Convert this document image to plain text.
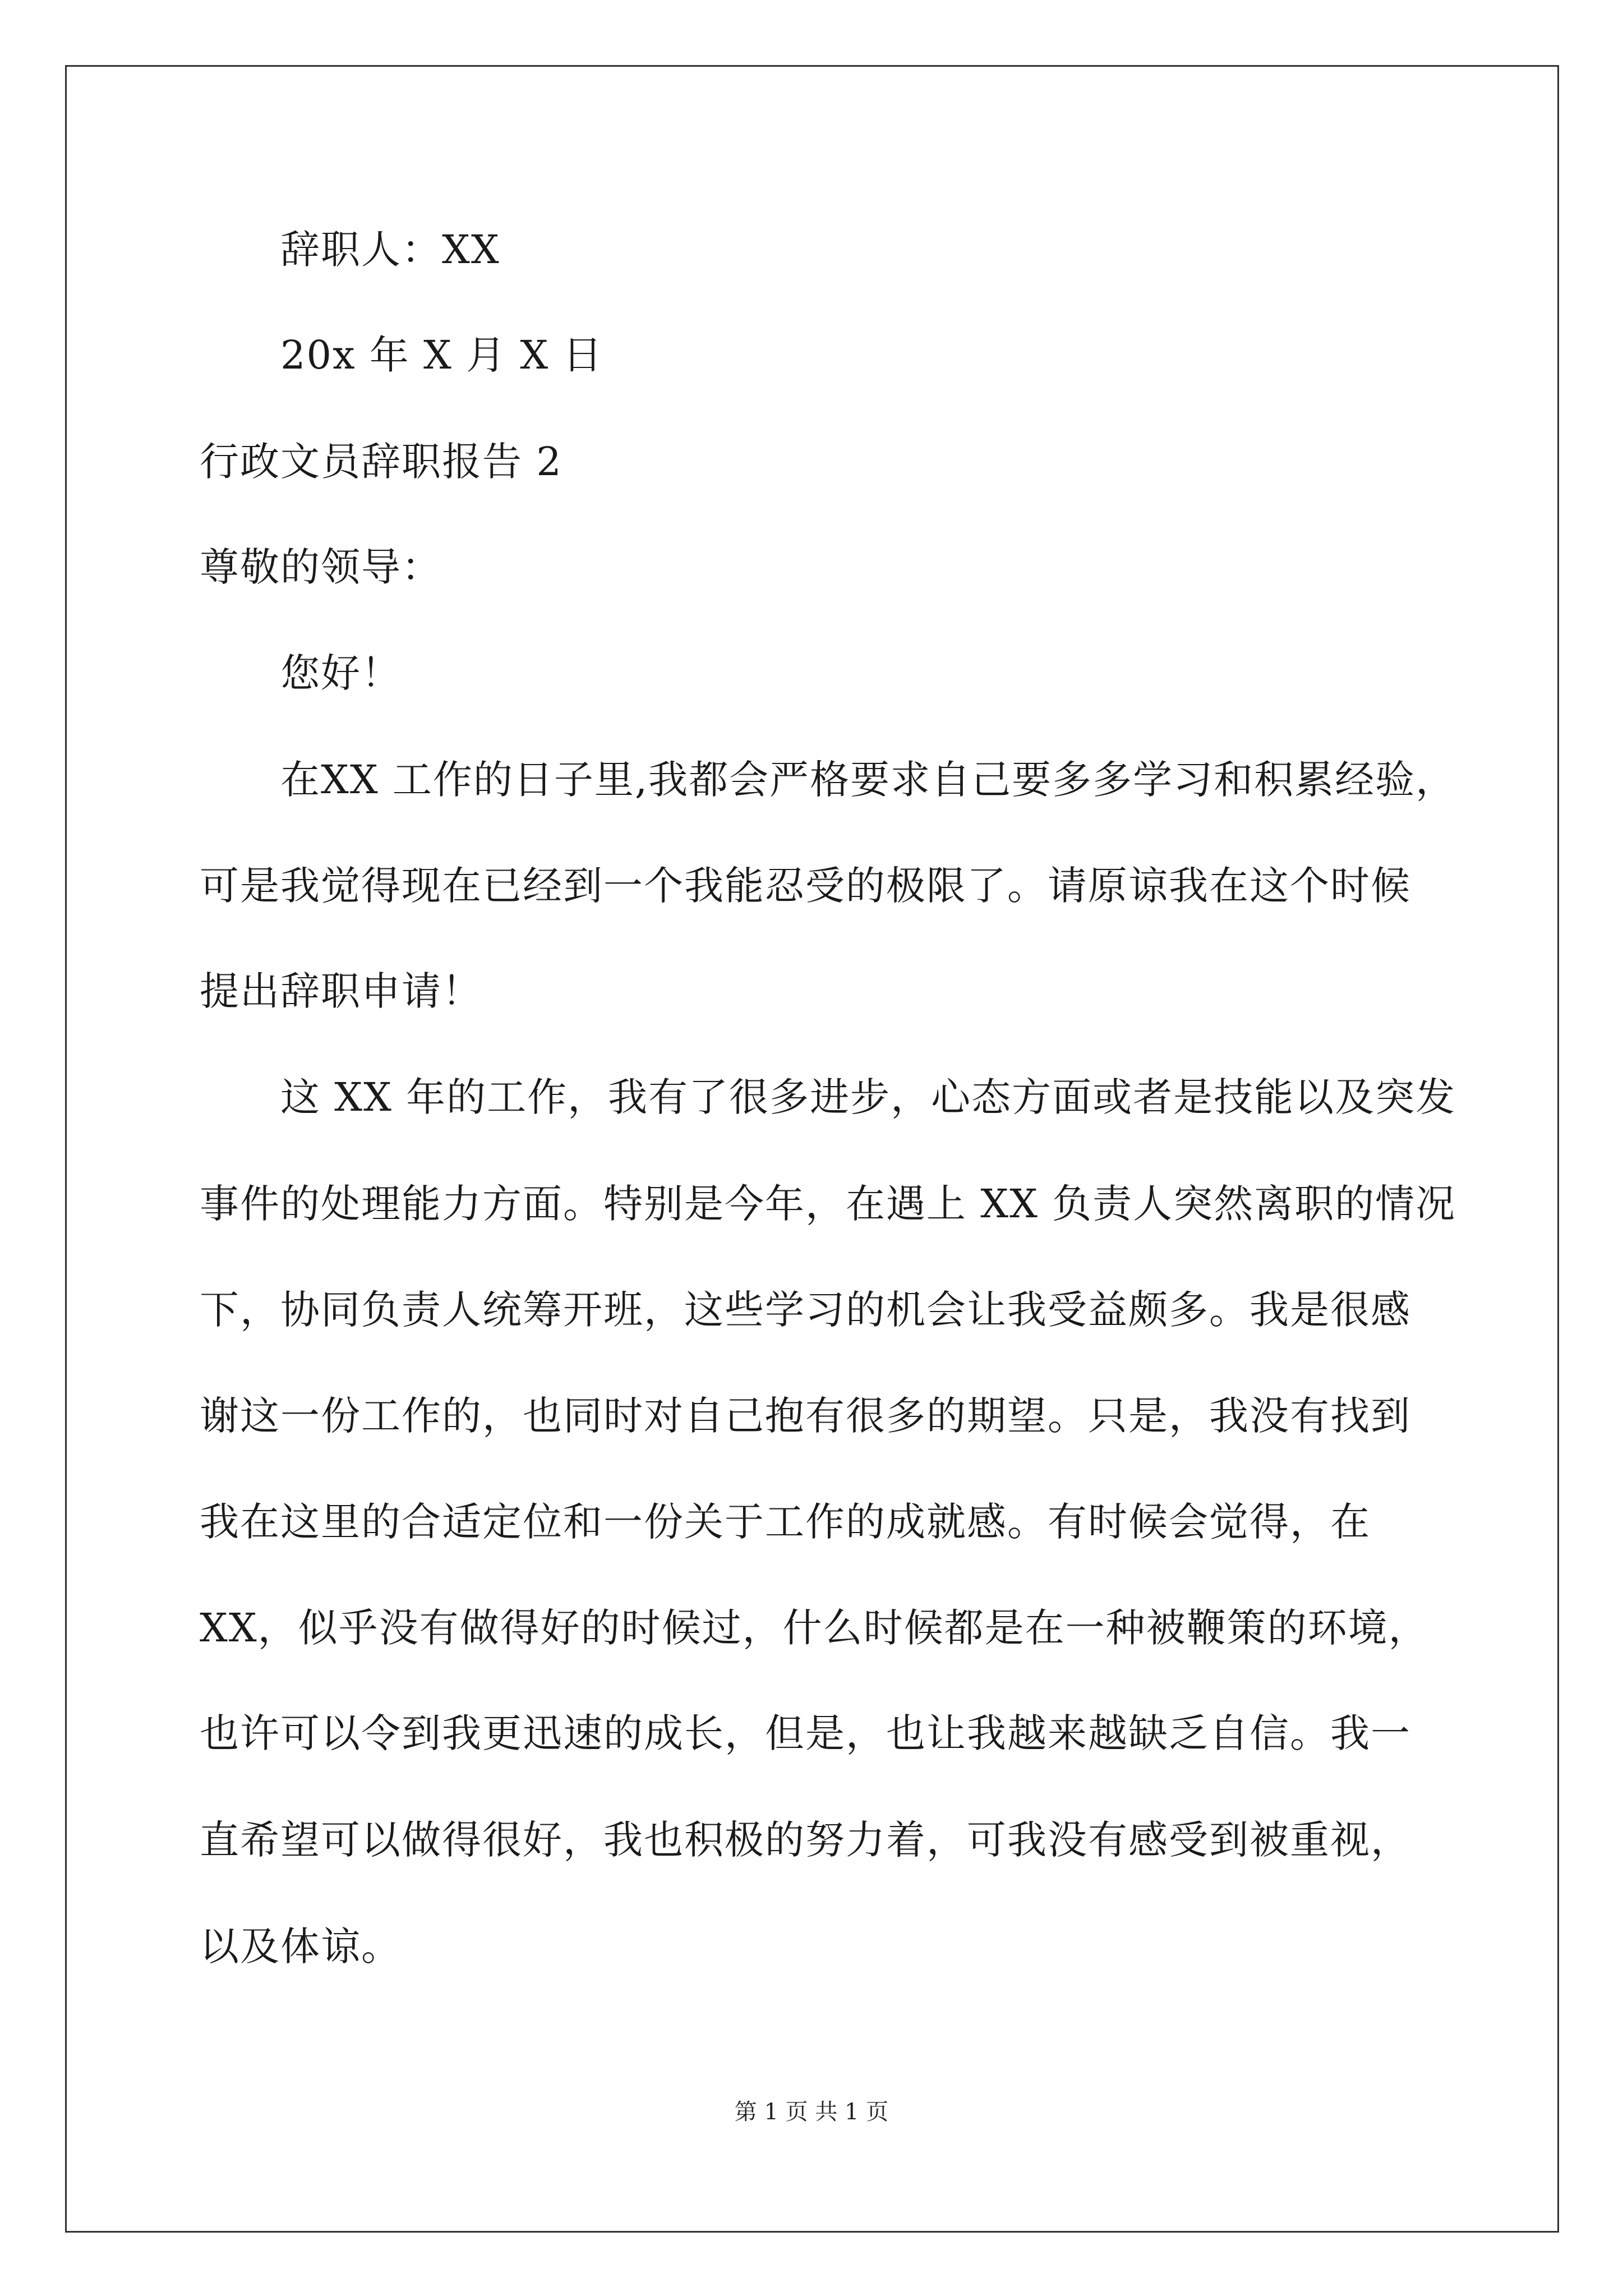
辞职人：XX
20x 年 X 月 X 日
行政文员辞职报告 2
尊敬的领导：
您好！
在XX 工作的日子里,我都会严格要求自己要多多学习和积累经验，
可是我觉得现在已经到一个我能忍受的极限了。请原谅我在这个时候
提出辞职申请！
这 XX 年的工作，我有了很多进步，心态方面或者是技能以及突发
事件的处理能力方面。特别是今年，在遇上 XX 负责人突然离职的情况
下，协同负责人统筹开班，这些学习的机会让我受益颇多。我是很感
谢这一份工作的，也同时对自己抱有很多的期望。只是，我没有找到
我在这里的合适定位和一份关于工作的成就感。有时候会觉得，在
XX，似乎没有做得好的时候过，什么时候都是在一种被鞭策的环境，
也许可以令到我更迅速的成长，但是，也让我越来越缺乏自信。我一
直希望可以做得很好，我也积极的努力着，可我没有感受到被重视，
以及体谅。
第 1 页 共 1 页
